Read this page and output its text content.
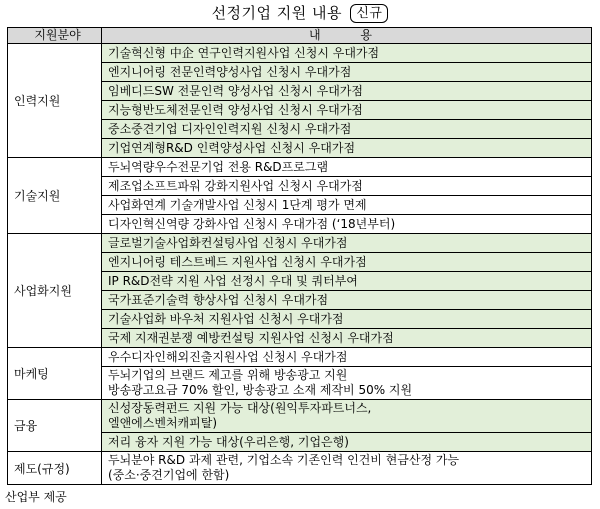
선정기업 지원 내용 신규
지원분야	내 용
인력지원	기술혁신형 中企 연구인력지원사업 신청시 우대가점
	엔지니어링 전문인력양성사업 신청시 우대가점
	임베디드SW 전문인력 양성사업 신청시 우대가점
	지능형반도체전문인력 양성사업 신청시 우대가점
	중소중견기업 디자인인력지원 신청시 우대가점
	기업연계형R&D 인력양성사업 신청시 우대가점
기술지원	두뇌역량우수전문기업 전용 R&D프로그램
	제조업소프트파워 강화지원사업 신청시 우대가점
	사업화연계 기술개발사업 신청시 1단계 평가 면제
	디자인혁신역량 강화사업 신청시 우대가점 (‘18년부터)
사업화지원	글로벌기술사업화컨설팅사업 신청시 우대가점
	엔지니어링 테스트베드 지원사업 신청시 우대가점
	IP R&D전략 지원 사업 선정시 우대 및 쿼터부여
	국가표준기술력 향상사업 신청시 우대가점
	기술사업화 바우처 지원사업 신청시 우대가점
	국제 지재권분쟁 예방컨설팅 지원사업 신청시 우대가점
마케팅	우수디자인해외진출지원사업 신청시 우대가점
	두뇌기업의 브랜드 제고를 위해 방송광고 지원
방송광고요금 70% 할인, 방송광고 소재 제작비 50% 지원
금융	신성장동력펀드 지원 가능 대상(원익투자파트너스,
엘앤에스벤처캐피탈)
	저리 융자 지원 가능 대상(우리은행, 기업은행)
제도(규정)	두뇌분야 R&D 과제 관련, 기업소속 기존인력 인건비 현금산정 가능
(중소·중견기업에 한함)
산업부 제공
